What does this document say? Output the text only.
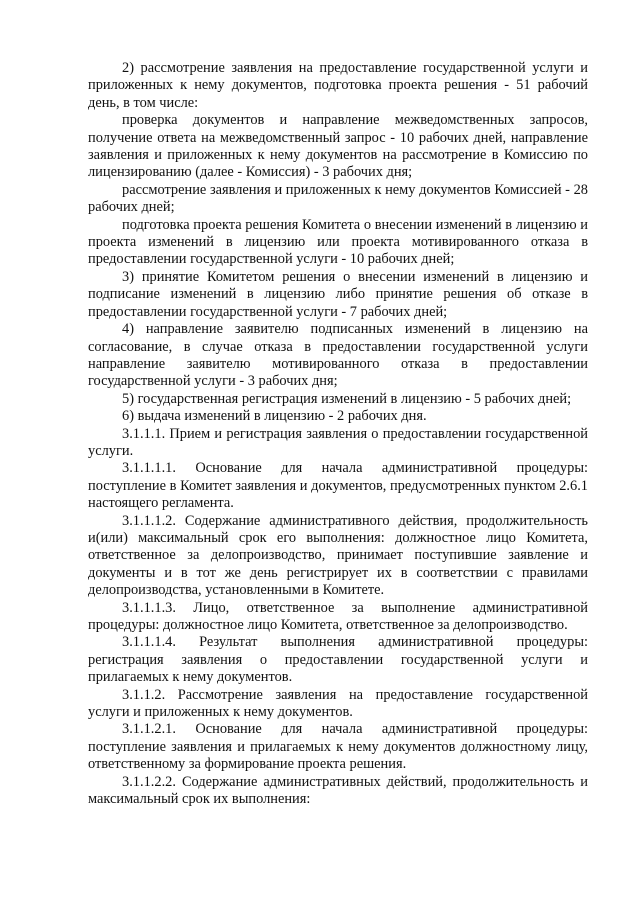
2) рассмотрение заявления на предоставление государственной услуги и приложенных к нему документов, подготовка проекта решения - 51 рабочий день, в том числе:

проверка документов и направление межведомственных запросов, получение ответа на межведомственный запрос - 10 рабочих дней, направление заявления и приложенных к нему документов на рассмотрение в Комиссию по лицензированию (далее - Комиссия) - 3 рабочих дня;

рассмотрение заявления и приложенных к нему документов Комиссией - 28 рабочих дней;

подготовка проекта решения Комитета о внесении изменений в лицензию и проекта изменений в лицензию или проекта мотивированного отказа в предоставлении государственной услуги - 10 рабочих дней;

3) принятие Комитетом решения о внесении изменений в лицензию и подписание изменений в лицензию либо принятие решения об отказе в предоставлении государственной услуги - 7 рабочих дней;

4) направление заявителю подписанных изменений в лицензию на согласование, в случае отказа в предоставлении государственной услуги направление заявителю мотивированного отказа в предоставлении государственной услуги - 3 рабочих дня;

5) государственная регистрация изменений в лицензию - 5 рабочих дней;

6) выдача изменений в лицензию - 2 рабочих дня.

3.1.1.1. Прием и регистрация заявления о предоставлении государственной услуги.

3.1.1.1.1. Основание для начала административной процедуры: поступление в Комитет заявления и документов, предусмотренных пунктом 2.6.1 настоящего регламента.

3.1.1.1.2. Содержание административного действия, продолжительность и(или) максимальный срок его выполнения: должностное лицо Комитета, ответственное за делопроизводство, принимает поступившие заявление и документы и в тот же день регистрирует их в соответствии с правилами делопроизводства, установленными в Комитете.

3.1.1.1.3. Лицо, ответственное за выполнение административной процедуры: должностное лицо Комитета, ответственное за делопроизводство.

3.1.1.1.4. Результат выполнения административной процедуры: регистрация заявления о предоставлении государственной услуги и прилагаемых к нему документов.

3.1.1.2. Рассмотрение заявления на предоставление государственной услуги и приложенных к нему документов.

3.1.1.2.1. Основание для начала административной процедуры: поступление заявления и прилагаемых к нему документов должностному лицу, ответственному за формирование проекта решения.

3.1.1.2.2. Содержание административных действий, продолжительность и максимальный срок их выполнения:
